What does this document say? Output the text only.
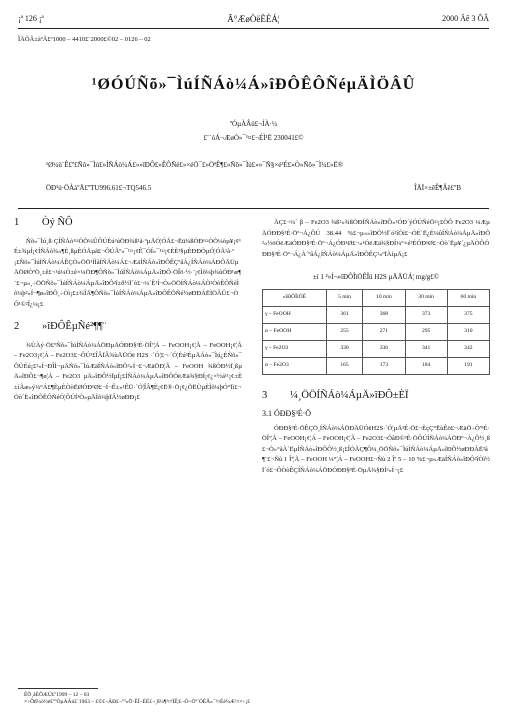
¡ª 126 ¡ª	Ã°ÆøÒëÈÈÁ¦	2000 Äê 3 ÔÂ
ÎÄÕÂ±àºÅ£º1000 – 4410£¨2000£©02 – 0126 – 02
¹ØÓÚÑõ»¯ÌúÍÑÁò¼Á»îÐÔÊÔÑéµÄÌÖÂÛ
ºÓµÀÂú£¬ÍÀ·¼
£¨´óÁ¬ÆøÓ»¯¹¤£¬ÉÌ¹Ë 230041£©
¹Ø¼ü´Ê£º£Ñõ»¯Ìú£»ÍÑÁò¼Á£»»îÐÔ£»ÊÔÑé£»×éÖ¯£»ÖªÊ¶£»Ñõ»¯Ìú£»»¯Ñ§×é³É£»Ò»Ñõ»¯Ì¼£»Ë®
ÖÐ¹ú·ÖÀàºÅ£ºTU996.61£¬TQ546.5	ÎÄÏ×±êÊ¶Âë£ºB
1 Òý ÑÔ

Ñõ»¯Ìú¸ß·ÇÍÑÁò¹¤ÒÕ¼ÛÔÚÉú²úÖÐ¾ß¹ã·ºµÄÓ¦ÓÃ£¬Ëü¾ßÓÐ¹¤ÒÕ¼òµ¥¡¢³É±¾µÍ¡¢ÍÑÁò¾«¶È¸ßµÈÓÅµã£¬ÔÚÃº»¯¹¤¡¢Ê¯ÓÍ»¯¹¤¡¢ÈÈ³§µÈÐÐÒµÓ¦ÓÃ¹ã·º¡£Ñõ»¯ÌúÍÑÁò¼ÁÊÇÒ»ÖÖ¹ÌÌåÍÑÁò¼Á£¬ÆäÍÑÁò»îÐÔÊÇºâÁ¿ÍÑÁò¼ÁÐÔÄÜµÄÖØÒªÖ¸±ê£¬¹ú¼Ò±ê×¼ÖÐ¶ÔÑõ»¯ÌúÍÑÁò¼ÁµÄ»îÐÔ·ÖÎö·½·¨¡¢Ìõ¼þ¾ùÓÐ¹æ¶¨£¬µ«¸÷ÖÖÑõ»¯ÌúÍÑÁò¼ÁµÄ»îÐÔ²î±ð½Ï´ó£¬¼´Ê¹Í¬Ò»ÖÖÍÑÁò¼ÁÒ²ÒòÊÔÑéÌõ¼þ²»Í¬¶ø»îÐÔ¸÷Òì¡£±¾ÎÄ¶ÔÑõ»¯ÌúÍÑÁò¼ÁµÄ»îÐÔÊÔÑé½øÐÐÁËÌÖÂÛ£¬ÒÔ¹©²Î¿¼¡£

2 »îÐÔÊµÑé²¶¶¨

¾ÙÀý·Ö£ºÑõ»¯ÌúÍÑÁò¼ÁÖÐµÄÓÐÐ§³É·ÖÎª¦Á – FeOOH¡¢¦Ã – FeOOH¡¢¦Ã – Fe2O3¡¢¦Á – Fe2O3£¬ÔÚ³£ÎÂÏÂ¾ùÄÜÓë H2S ·´Ó¦£¬·´Ó¦Éú³ÉµÄÁò»¯Ìú¿ÉÑõ»¯ÔÙÉú¡£²»Í¬ÐÎÌ¬µÄÑõ»¯ÌúÆäÍÑÁò»îÐÔ²»Í¬£¬ÆäÖÐ¦Ã – FeOOH ¾ßÓÐ½Ï¸ßµÄ»îÐÔ£¬¶ø¦Á – Fe2O3 µÄ»îÐÔ½ÏµÍ¡£ÍÑÁò¼ÁµÄ»îÐÔÓëÆä¾§ÐÍ¡¢¿×½á¹¹¡¢±È±íÃæ»ý¼°Á£¶ÈµÈÒòËØÓÐ¹Ø£¬Í¬Ê±»¹ÊÜ·´Ó¦ÎÂ¶È¡¢Ë®·Ö¡¢¿ÕËÙµÈÌõ¼þÓ°Ïì£¬Òò´Ë»îÐÔÊÔÑéÓ¦ÔÚÍ³Ò»µÄÌõ¼þÏÂ½øÐÐ¡£

ÃÇ£¬¼´ β – Fe2O3 ¾ß²»¾ßÓÐÍÑÁò»îÐÔ»¹ÓÐ´ýÓÚÑéÖ¤¡£ÒÔ Fe2O3 ¼ÆµÄÓÐÐ§³É·Öº¬Á¿ÔÚ 38.44 %£¬µ«»îÐÔ½Ï´ó²îÒì£¬ÓÉ´Ë¿É¼ûÍÑÁò¼ÁµÄ»îÐÔ²»½öÓëÆäÓÐÐ§³É·Öº¬Á¿ÓÐ¹Ø£¬»¹ÓëÆä¾§ÐÍ¼°×é³ÉÓÐ¹Ø£¬Òò´Ëµ¥´¿µÄÒÔÓÐÐ§³É·Öº¬Á¿À´ºâÁ¿ÍÑÁò¼ÁµÄ»îÐÔÊÇ²»ºÏÀíµÄ¡£

±í 1 ²»Í¬»îÐÔÎïÖÊÎü H2S µÄÄÜÁ¦ mg/g£©
»îÐÔÎïÖÊ	5 min	10 min	30 min	60 min
γ – FeOOH	361	368	373	375
α – FeOOH	255	271	295	310
γ – Fe2O3	330	336	341	342
α – Fe2O3	165	173	184	191
3 ¼¸ÖÖÍÑÁò¼ÁµÄ»îÐÔ±ÈÏ
3.1 ÓÐÐ§³É·Ö

ÓÐÐ§³É·ÖÊÇÖ¸ÍÑÁò¼ÁÖÐÄÜÓëH2S·´Ó¦µÄ³É·Ö£¬ÈçÇ°ËùÊö£¬ÆäÖ÷Òª³É·ÖÎª¦Ã – FeOOH¡¢¦Á – FeOOH¡¢¦Ã – Fe2O3£¬ÕâÐ©³É·ÖÔÚÍÑÁò¼ÁÖÐº¬Á¿Ô½¸ß£¬Ò»°ãÀ´ËµÍÑÁò»îÐÔÔ½¸ß¡£ÎÒÃÇ¶Ô¼¸ÖÖÑõ»¯ÌúÍÑÁò¼ÁµÄ»îÐÔ½øÐÐÁË²â¶¨£¬Ñù 1 Îª¦Ã – FeOOH ¼°¦Á – FeOOH£¬Ñù 2 Îª 5 – 10 %£¬µ«ÆäÍÑÁò»îÐÔ²îÒì½Ï´ó£¬ÔÒòÊÇÍÑÁò¼ÁÖÐÓÐÐ§³É·ÖµÄ¾§ÐÍ²»Í¬¡£

ÊÕ¸åÈÕÆÚ£º1999 – 12 – 03
×÷Õß¼ò½é£ººÓµÀÂú£¨1963 – £©£¬ÄÐ£¬°²»Õ·ÊÎ÷ÈË£¬¸ß¼¶¹¤³ÌÊ¦£¬Ö÷Òª´ÓÊÂ»¯¹¤Éè¼Æ¹¤×÷¡£
